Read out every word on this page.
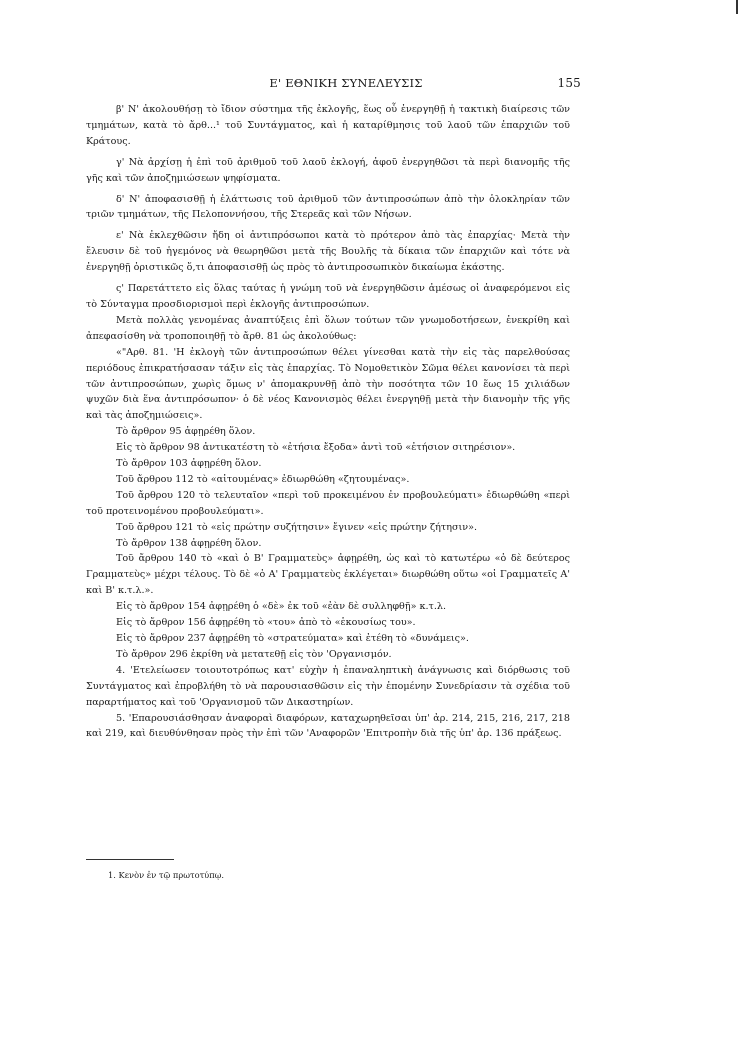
Ε' ΕΘΝΙΚΗ ΣΥΝΕΛΕΥΣΙΣ	155

β' Ν' ἀκολουθήσῃ τὸ ἴδιον σύστημα τῆς ἐκλογῆς, ἕως οὗ ἐνεργηθῇ ἡ τακτικὴ διαίρεσις τῶν τμημάτων, κατὰ τὸ ἄρθ...¹ τοῦ Συντάγματος, καὶ ἡ καταρίθμησις τοῦ λαοῦ τῶν ἐπαρχιῶν τοῦ Κράτους.

γ' Νὰ ἀρχίσῃ ἡ ἐπὶ τοῦ ἀριθμοῦ τοῦ λαοῦ ἐκλογή, ἀφοῦ ἐνεργηθῶσι τὰ περὶ διανομῆς τῆς γῆς καὶ τῶν ἀποζημιώσεων ψηφίσματα.

δ' Ν' ἀποφασισθῇ ἡ ἐλάττωσις τοῦ ἀριθμοῦ τῶν ἀντιπροσώπων ἀπὸ τὴν ὁλοκληρίαν τῶν τριῶν τμημάτων, τῆς Πελοποννήσου, τῆς Στερεᾶς καὶ τῶν Νήσων.

ε' Νὰ ἐκλεχθῶσιν ἤδη οἱ ἀντιπρόσωποι κατὰ τὸ πρότερον ἀπὸ τὰς ἐπαρχίας· Μετὰ τὴν ἔλευσιν δὲ τοῦ ἡγεμόνος νὰ θεωρηθῶσι μετὰ τῆς Βουλῆς τὰ δίκαια τῶν ἐπαρχιῶν καὶ τότε νὰ ἐνεργηθῇ ὁριστικῶς ὅ,τι ἀποφασισθῇ ὡς πρὸς τὸ ἀντιπροσωπικὸν δικαίωμα ἑκάστης.

ς' Παρετάττετο εἰς ὅλας ταύτας ἡ γνώμη τοῦ νὰ ἐνεργηθῶσιν ἀμέσως οἱ ἀναφερόμενοι εἰς τὸ Σύνταγμα προσδιορισμοὶ περὶ ἐκλογῆς ἀντιπροσώπων.

Μετὰ πολλὰς γενομένας ἀναπτύξεις ἐπὶ ὅλων τούτων τῶν γνωμοδοτήσεων, ἐνεκρίθη καὶ ἀπεφασίσθη νὰ τροποποιηθῇ τὸ ἄρθ. 81 ὡς ἀκολούθως:

«"Αρθ. 81. 'Η ἐκλογὴ τῶν ἀντιπροσώπων θέλει γίνεσθαι κατὰ τὴν εἰς τὰς παρελθούσας περιόδους ἐπικρατήσασαν τάξιν εἰς τὰς ἐπαρχίας. Τὸ Νομοθετικὸν Σῶμα θέλει κανονίσει τὰ περὶ τῶν ἀντιπροσώπων, χωρὶς ὅμως ν' ἀπομακρυνθῇ ἀπὸ τὴν ποσότητα τῶν 10 ἕως 15 χιλιάδων ψυχῶν διὰ ἕνα ἀντιπρόσωπον· ὁ δὲ νέος Κανονισμὸς θέλει ἐνεργηθῇ μετὰ τὴν διανομὴν τῆς γῆς καὶ τὰς ἀποζημιώσεις».

Τὸ ἄρθρον 95 ἀφῃρέθη ὅλον.

Εἰς τὸ ἄρθρον 98 ἀντικατέστη τὸ «ἐτήσια ἔξοδα» ἀντὶ τοῦ «ἐτήσιον σιτηρέσιον».

Τὸ ἄρθρον 103 ἀφῃρέθη ὅλον.

Τοῦ ἄρθρου 112 τὸ «αἰτουμένας» ἐδιωρθώθη «ζητουμένας».

Τοῦ ἄρθρου 120 τὸ τελευταῖον «περὶ τοῦ προκειμένου ἐν προβουλεύματι» ἐδιωρθώθη «περὶ τοῦ προτεινομένου προβουλεύματι».

Τοῦ ἄρθρου 121 τὸ «εἰς πρώτην συζήτησιν» ἔγινεν «εἰς πρώτην ζήτησιν».

Τὸ ἄρθρον 138 ἀφῃρέθη ὅλον.

Τοῦ ἄρθρου 140 τὸ «καὶ ὁ Β' Γραμματεὺς» ἀφῃρέθη, ὡς καὶ τὸ κατωτέρω «ὁ δὲ δεύτερος Γραμματεὺς» μέχρι τέλους. Τὸ δὲ «ὁ Α' Γραμματεὺς ἐκλέγεται» διωρθώθη οὕτω «οἱ Γραμματεῖς Α' καὶ Β' κ.τ.λ.».

Εἰς τὸ ἄρθρον 154 ἀφῃρέθη ὁ «δὲ» ἐκ τοῦ «ἐὰν δὲ συλληφθῇ» κ.τ.λ.

Εἰς τὸ ἄρθρον 156 ἀφῃρέθη τὸ «του» ἀπὸ τὸ «ἑκουσίως του».

Εἰς τὸ ἄρθρον 237 ἀφῃρέθη τὸ «στρατεύματα» καὶ ἐτέθη τὸ «δυνάμεις».

Τὸ ἄρθρον 296 ἐκρίθη νὰ μετατεθῇ εἰς τὸν 'Οργανισμόν.

4. 'Ετελείωσεν τοιουτοτρόπως κατ' εὐχὴν ἡ ἐπαναληπτικὴ ἀνάγνωσις καὶ διόρθωσις τοῦ Συντάγματος καὶ ἐπροβλήθη τὸ νὰ παρουσιασθῶσιν εἰς τὴν ἐπομένην Συνεδρίασιν τὰ σχέδια τοῦ παραρτήματος καὶ τοῦ 'Οργανισμοῦ τῶν Δικαστηρίων.

5. 'Επαρουσιάσθησαν ἀναφοραὶ διαφόρων, καταχωρηθεῖσαι ὑπ' ἀρ. 214, 215, 216, 217, 218 καὶ 219, καὶ διευθύνθησαν πρὸς τὴν ἐπὶ τῶν 'Αναφορῶν 'Επιτροπὴν διὰ τῆς ὑπ' ἀρ. 136 πράξεως.

1. Κενὸν ἐν τῷ πρωτοτύπῳ.
